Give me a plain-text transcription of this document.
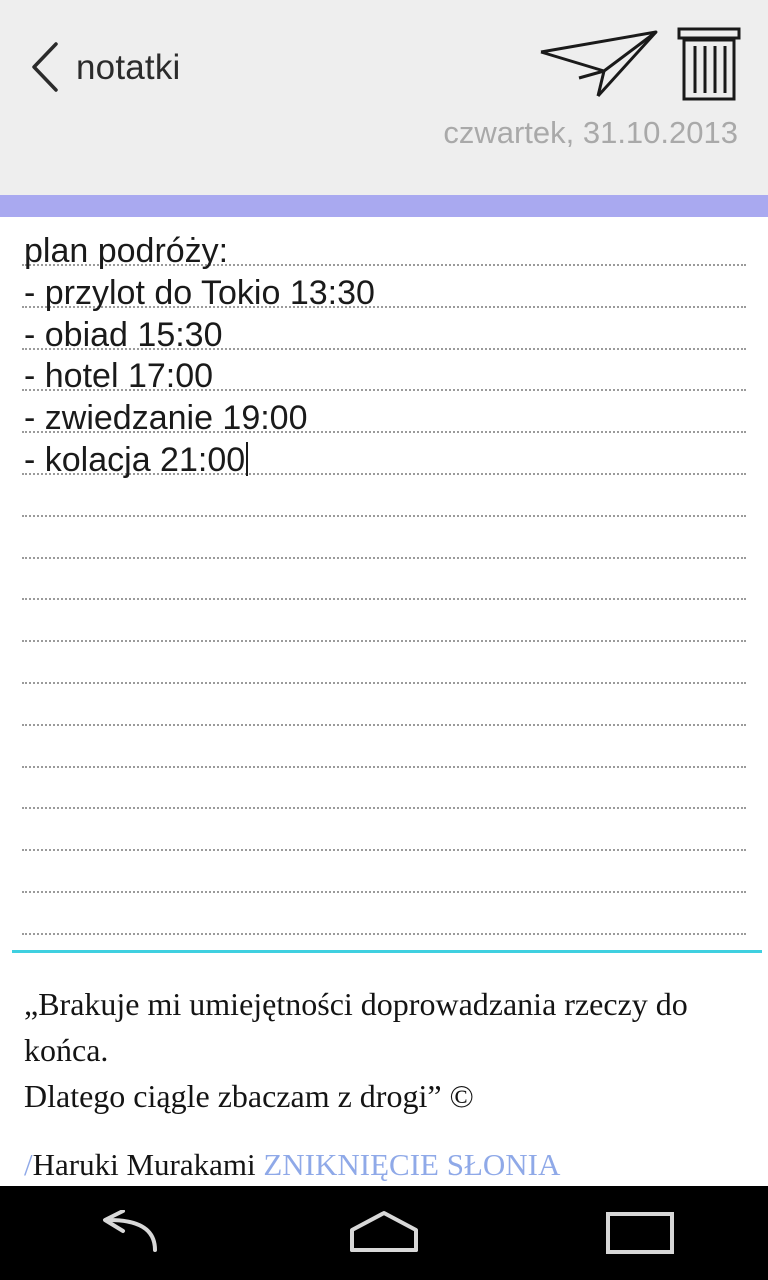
notatki
czwartek, 31.10.2013
plan podróży:
- przylot do Tokio 13:30
- obiad 15:30
- hotel 17:00
- zwiedzanie 19:00
- kolacja 21:00
„Brakuje mi umiejętności doprowadzania rzeczy do końca.
Dlatego ciągle zbaczam z drogi” ©
/Haruki Murakami ZNIKNIĘCIE SŁONIA
